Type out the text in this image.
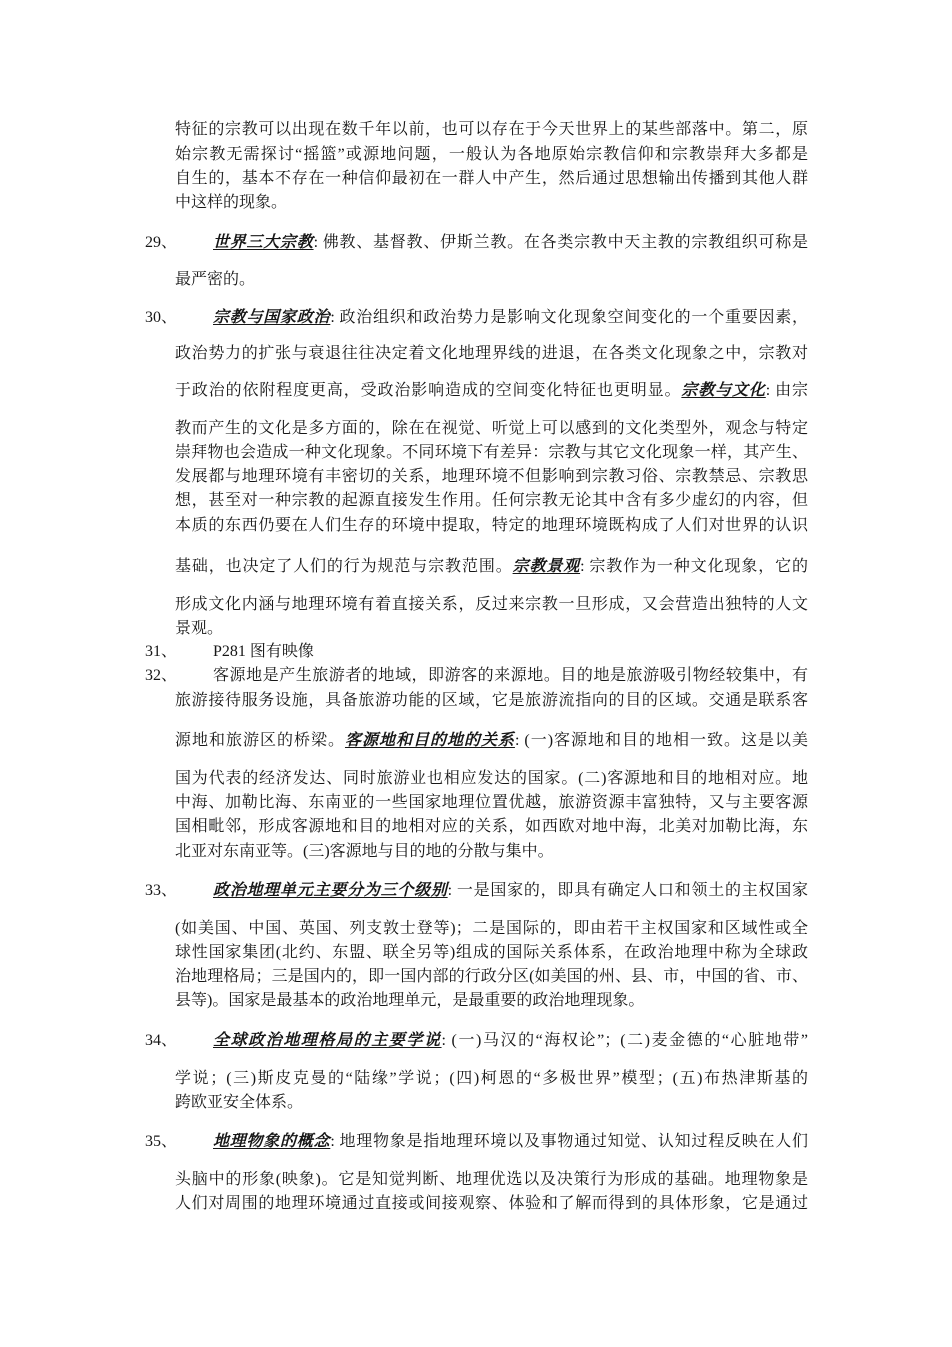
特征的宗教可以出现在数千年以前，也可以存在于今天世界上的某些部落中。第二，原
始宗教无需探讨“摇篮”或源地问题，一般认为各地原始宗教信仰和宗教崇拜大多都是
自生的，基本不存在一种信仰最初在一群人中产生，然后通过思想输出传播到其他人群
中这样的现象。
29、 世界三大宗教: 佛教、基督教、伊斯兰教。在各类宗教中天主教的宗教组织可称是
最严密的。
30、 宗教与国家政治: 政治组织和政治势力是影响文化现象空间变化的一个重要因素，
政治势力的扩张与衰退往往决定着文化地理界线的进退，在各类文化现象之中，宗教对
于政治的依附程度更高，受政治影响造成的空间变化特征也更明显。宗教与文化: 由宗
教而产生的文化是多方面的，除在在视觉、听觉上可以感到的文化类型外，观念与特定
崇拜物也会造成一种文化现象。不同环境下有差异：宗教与其它文化现象一样，其产生、
发展都与地理环境有丰密切的关系，地理环境不但影响到宗教习俗、宗教禁忌、宗教思
想，甚至对一种宗教的起源直接发生作用。任何宗教无论其中含有多少虚幻的内容，但
本质的东西仍要在人们生存的环境中提取，特定的地理环境既构成了人们对世界的认识
基础，也决定了人们的行为规范与宗教范围。宗教景观: 宗教作为一种文化现象，它的
形成文化内涵与地理环境有着直接关系，反过来宗教一旦形成，又会营造出独特的人文
景观。
31、 P281 图有映像
32、 客源地是产生旅游者的地域，即游客的来源地。目的地是旅游吸引物经较集中，有
旅游接待服务设施，具备旅游功能的区域，它是旅游流指向的目的区域。交通是联系客
源地和旅游区的桥梁。客源地和目的地的关系: (一)客源地和目的地相一致。这是以美
国为代表的经济发达、同时旅游业也相应发达的国家。(二)客源地和目的地相对应。地
中海、加勒比海、东南亚的一些国家地理位置优越，旅游资源丰富独特，又与主要客源
国相毗邻，形成客源地和目的地相对应的关系，如西欧对地中海，北美对加勒比海，东
北亚对东南亚等。(三)客源地与目的地的分散与集中。
33、 政治地理单元主要分为三个级别: 一是国家的，即具有确定人口和领土的主权国家
(如美国、中国、英国、列支敦士登等)；二是国际的，即由若干主权国家和区域性或全
球性国家集团(北约、东盟、联全另等)组成的国际关系体系，在政治地理中称为全球政
治地理格局；三是国内的，即一国内部的行政分区(如美国的州、县、市，中国的省、市、
县等)。国家是最基本的政治地理单元，是最重要的政治地理现象。
34、 全球政治地理格局的主要学说: (一)马汉的“海权论”；(二)麦金德的“心脏地带”
学说；(三)斯皮克曼的“陆缘”学说；(四)柯恩的“多极世界”模型；(五)布热津斯基的
跨欧亚安全体系。
35、 地理物象的概念: 地理物象是指地理环境以及事物通过知觉、认知过程反映在人们
头脑中的形象(映象)。它是知觉判断、地理优选以及决策行为形成的基础。地理物象是
人们对周围的地理环境通过直接或间接观察、体验和了解而得到的具体形象，它是通过
